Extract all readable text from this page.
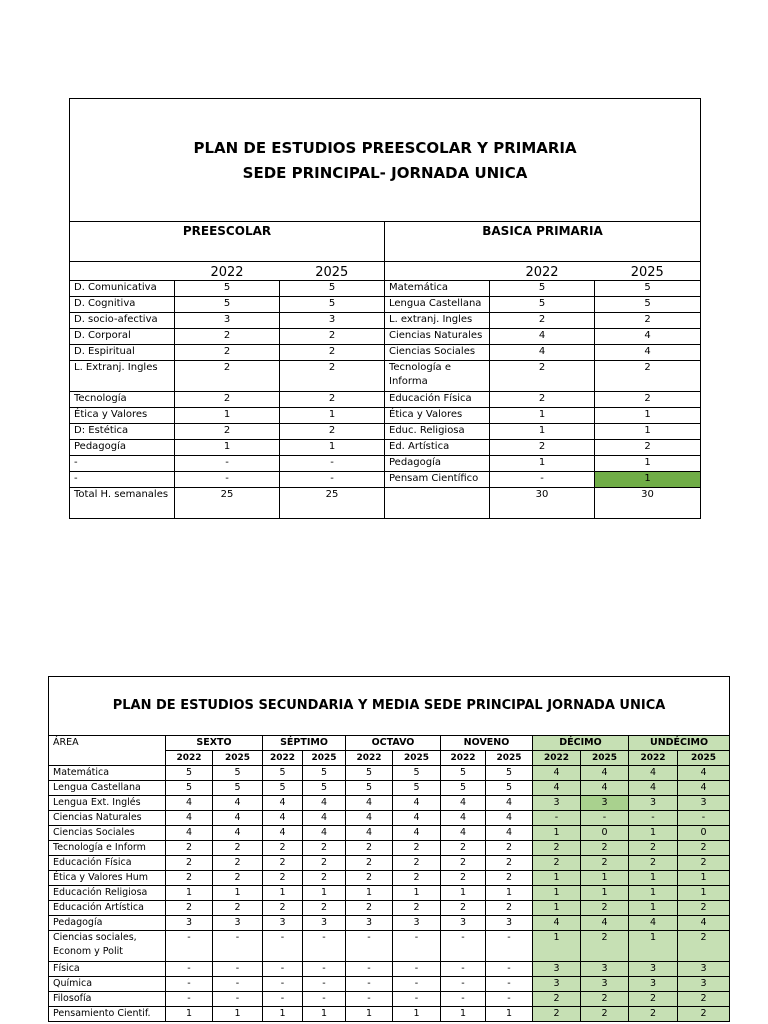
PLAN DE ESTUDIOS PREESCOLAR Y PRIMARIA
SEDE PRINCIPAL- JORNADA UNICA					

PREESCOLAR			BASICA PRIMARIA		
	2022	2025		2022	2025
D. Comunicativa	5	5	Matemática	5	5
D. Cognitiva	5	5	Lengua Castellana	5	5
D. socio-afectiva	3	3	L. extranj. Ingles	2	2
D. Corporal	2	2	Ciencias Naturales	4	4
D. Espiritual	2	2	Ciencias Sociales	4	4
L. Extranj. Ingles	2	2	Tecnología e Informa	2	2
Tecnología	2	2	Educación Física	2	2
Ética y Valores	1	1	Ética y Valores	1	1
D: Estética	2	2	Educ. Religiosa	1	1
Pedagogía	1	1	Ed. Artística	2	2
-	-	-	Pedagogía	1	1
-	-	-	Pensam Científico	-	1
Total H. semanales	25	25		30	30
PLAN DE ESTUDIOS SECUNDARIA Y MEDIA SEDE PRINCIPAL JORNADA UNICA												
ÁREA	SEXTO		SÉPTIMO		OCTAVO		NOVENO		DÉCIMO		UNDÉCIMO	
	2022	2025	2022	2025	2022	2025	2022	2025	2022	2025	2022	2025
Matemática	5	5	5	5	5	5	5	5	4	4	4	4
Lengua Castellana	5	5	5	5	5	5	5	5	4	4	4	4
Lengua Ext. Inglés	4	4	4	4	4	4	4	4	3	3	3	3
Ciencias Naturales	4	4	4	4	4	4	4	4	-	-	-	-
Ciencias Sociales	4	4	4	4	4	4	4	4	1	0	1	0
Tecnología e Inform	2	2	2	2	2	2	2	2	2	2	2	2
Educación Física	2	2	2	2	2	2	2	2	2	2	2	2
Ética y Valores Hum	2	2	2	2	2	2	2	2	1	1	1	1
Educación Religiosa	1	1	1	1	1	1	1	1	1	1	1	1
Educación Artística	2	2	2	2	2	2	2	2	1	2	1	2
Pedagogía	3	3	3	3	3	3	3	3	4	4	4	4
Ciencias sociales, Econom y Polit	-	-	-	-	-	-	-	-	1	2	1	2
Física	-	-	-	-	-	-	-	-	3	3	3	3
Química	-	-	-	-	-	-	-	-	3	3	3	3
Filosofía	-	-	-	-	-	-	-	-	2	2	2	2
Pensamiento Cientif.	1	1	1	1	1	1	1	1	2	2	2	2
